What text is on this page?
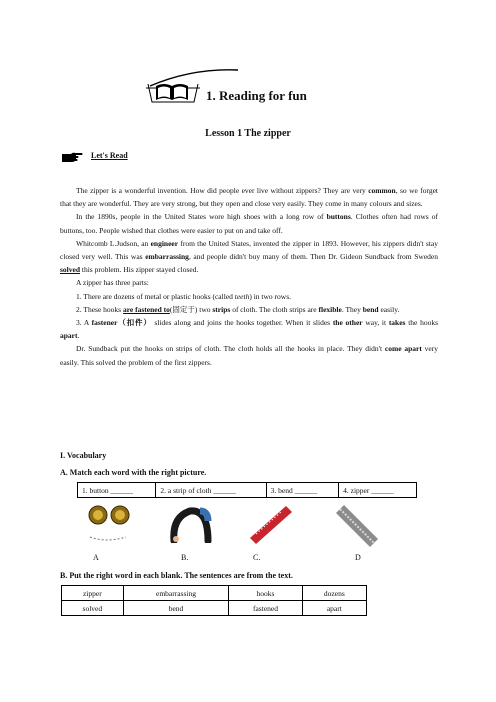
1. Reading for fun
Lesson 1 The zipper
Let's Read

The zipper is a wonderful invention. How did people ever live without zippers? They are very common, so we forget that they are wonderful. They are very strong, but they open and close very easily. They come in many colours and sizes.

In the 1890s, people in the United States wore high shoes with a long row of buttons. Clothes often had rows of buttons, too. People wished that clothes were easier to put on and take off.

Whitcomb L.Judson, an engineer from the United States, invented the zipper in 1893. However, his zippers didn't stay closed very well. This was embarrassing, and people didn't buy many of them. Then Dr. Gideon Sundback from Sweden solved this problem. His zipper stayed closed.

A zipper has three parts:

1. There are dozens of metal or plastic hooks (called teeth) in two rows.

2. These hooks are fastened to(固定于) two strips of cloth. The cloth strips are flexible. They bend easily.

3. A fastener（扣件） slides along and joins the hooks together. When it slides the other way, it takes the hooks apart.

Dr. Sundback put the hooks on strips of cloth. The cloth holds all the hooks in place. They didn't come apart very easily. This solved the problem of the first zippers.

I. Vocabulary
A. Match each word with the right picture.
1. button ______	2. a strip of cloth ______	3. bend ______	4. zipper ______
A	B.	C.	D
B. Put the right word in each blank. The sentences are from the text.
zipper	embarrassing	hooks	dozens
solved	bend	fastened	apart
